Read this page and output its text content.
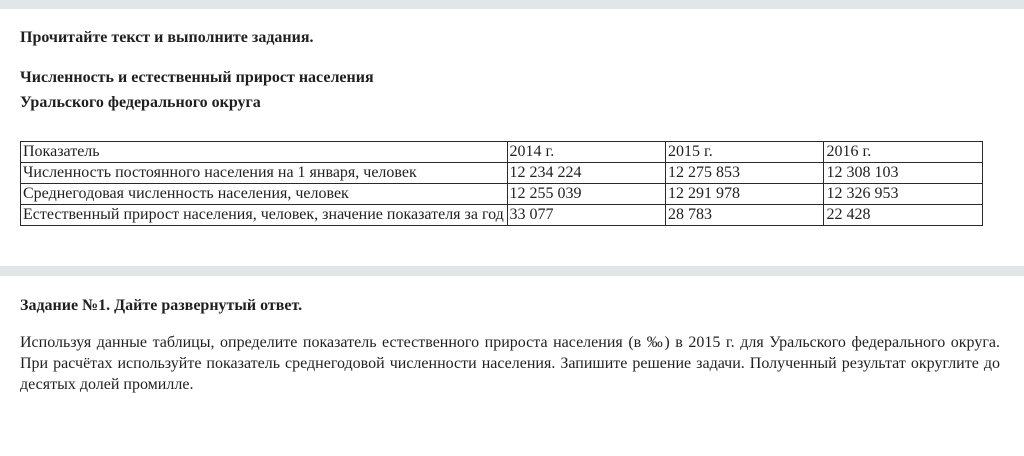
Прочитайте текст и выполните задания.

Численность и естественный прирост населения
Уральского федерального округа

Показатель	2014 г.	2015 г.	2016 г.
Численность постоянного населения на 1 января, человек	12 234 224	12 275 853	12 308 103
Среднегодовая численность населения, человек	12 255 039	12 291 978	12 326 953
Естественный прирост населения, человек, значение показателя за год	33 077	28 783	22 428

Задание №1. Дайте развернутый ответ.

Используя данные таблицы, определите показатель естественного прироста населения (в ‰) в 2015 г. для Уральского федерального округа. При расчётах используйте показатель среднегодовой численности населения. Запишите решение задачи. Полученный результат округлите до десятых долей промилле.
